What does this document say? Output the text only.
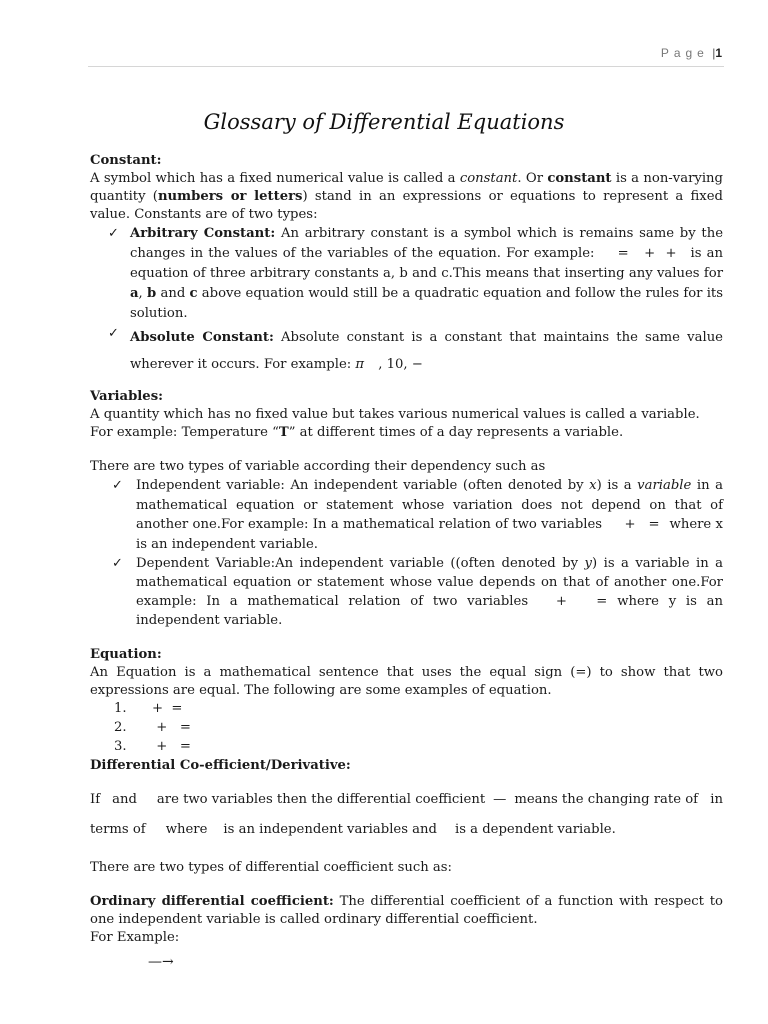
Page |1
Glossary of Differential Equations

Constant:

A symbol which has a fixed numerical value is called a constant. Or constant is a non-varying quantity (numbers or letters) stand in an expressions or equations to represent a fixed value. Constants are of two types:

✓ Arbitrary Constant: An arbitrary constant is a symbol which is remains same by the changes in the values of the variables of the equation. For example: =   +  + is an equation of three arbitrary constants a, b and c.This means that inserting any values for a, b and c above equation would still be a quadratic equation and follow the rules for its solution.
✓ Absolute Constant: Absolute constant is a constant that maintains the same value wherever it occurs. For example: π , 10, −

Variables:

A quantity which has no fixed value but takes various numerical values is called a variable.

For example: Temperature “T” at different times of a day represents a variable.

There are two types of variable according their dependency such as

✓ Independent variable: An independent variable (often denoted by x) is a variable in a mathematical equation or statement whose variation does not depend on that of another one.For example: In a mathematical relation of two variables +   = where x is an independent variable.
✓ Dependent Variable:An independent variable ((often denoted by y) is a variable in a mathematical equation or statement whose value depends on that of another one.For example: In a mathematical relation of two variables +   = where y is an independent variable.

Equation:

An Equation is a mathematical sentence that uses the equal sign (=) to show that two expressions are equal. The following are some examples of equation.

1. +  =
2. +   =
3. +   =

Differential Co-efficient/Derivative:

If and are two variables then the differential coefficient — means the changing rate of in

terms of where is an independent variables and is a dependent variable.

There are two types of differential coefficient such as:

Ordinary differential coefficient: The differential coefficient of a function with respect to one independent variable is called ordinary differential coefficient.

For Example:

—→
